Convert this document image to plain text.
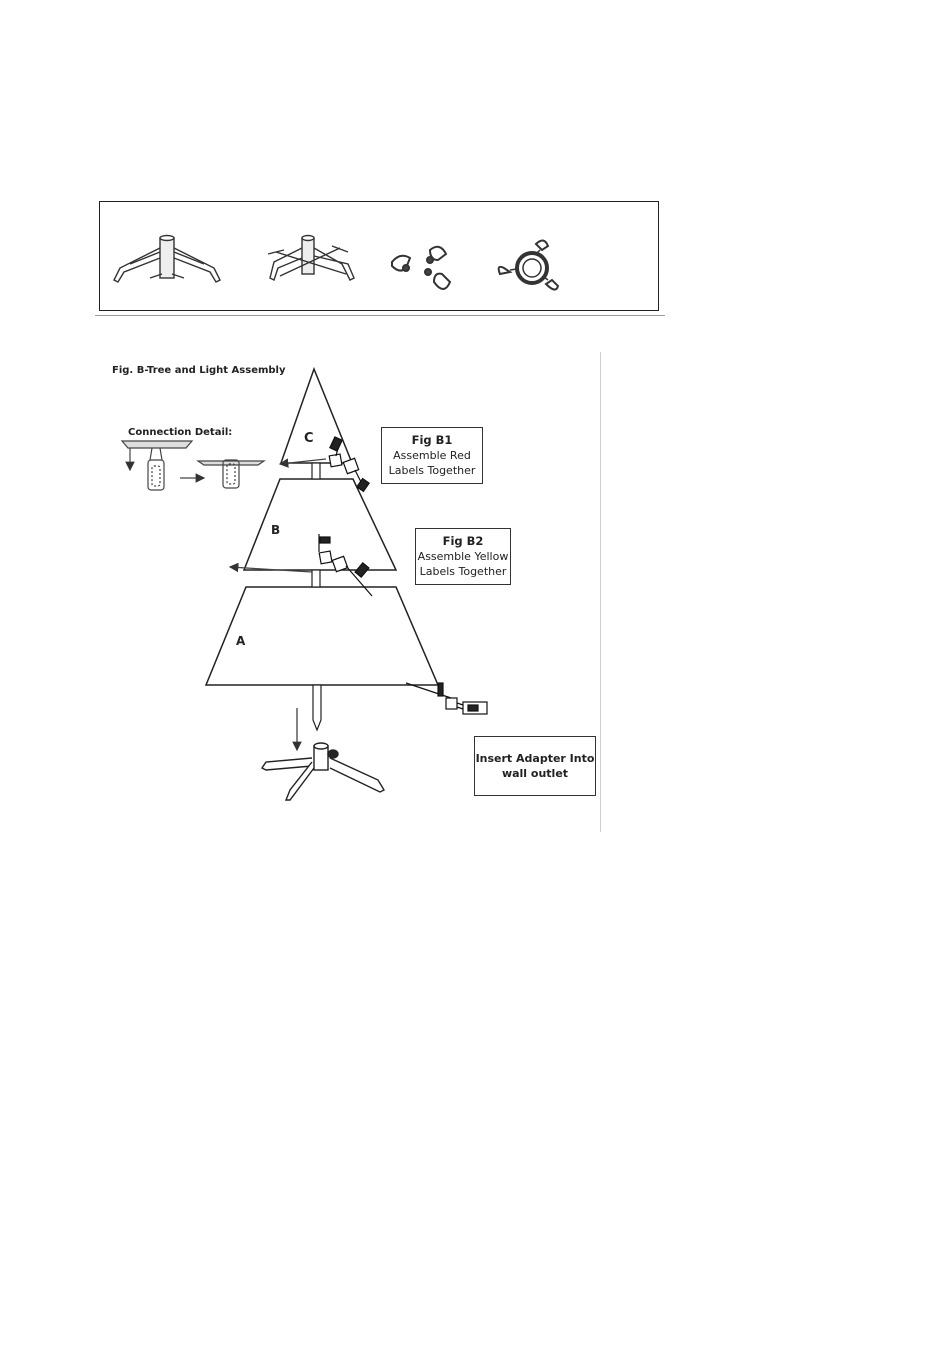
Fig. B-Tree and Light Assembly
Connection Detail:	C
B
A
Fig B1
Assemble Red
Labels Together
Fig B2
Assemble Yellow
Labels Together
Insert Adapter Into
wall outlet
